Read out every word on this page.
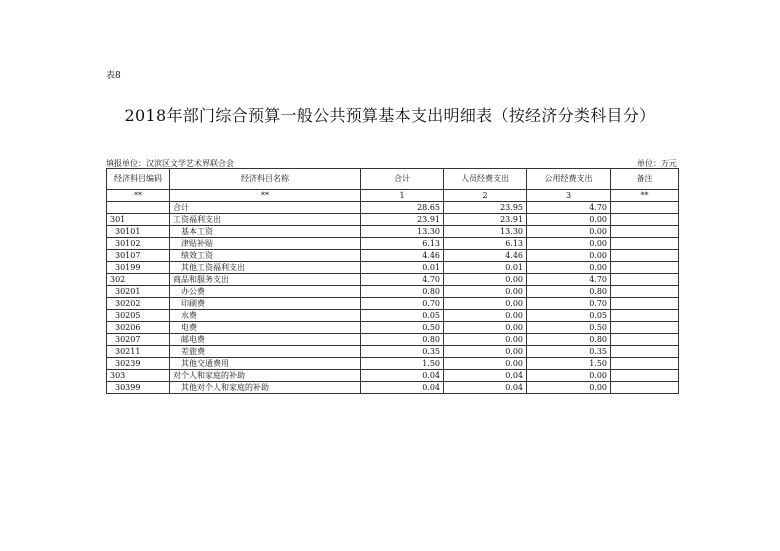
表8
2018年部门综合预算一般公共预算基本支出明细表（按经济分类科目分）
填报单位：汉滨区文学艺术界联合会	单位：万元
经济科目编码	经济科目名称	合计	人员经费支出	公用经费支出	备注
**	**	1	2	3	**
	合计	28.65	23.95	4.70	
301	工资福利支出	23.91	23.91	0.00	
30101	基本工资	13.30	13.30	0.00	
30102	津贴补贴	6.13	6.13	0.00	
30107	绩效工资	4.46	4.46	0.00	
30199	其他工资福利支出	0.01	0.01	0.00	
302	商品和服务支出	4.70	0.00	4.70	
30201	办公费	0.80	0.00	0.80	
30202	印刷费	0.70	0.00	0.70	
30205	水费	0.05	0.00	0.05	
30206	电费	0.50	0.00	0.50	
30207	邮电费	0.80	0.00	0.80	
30211	差旅费	0.35	0.00	0.35	
30239	其他交通费用	1.50	0.00	1.50	
303	对个人和家庭的补助	0.04	0.04	0.00	
30399	其他对个人和家庭的补助	0.04	0.04	0.00	
